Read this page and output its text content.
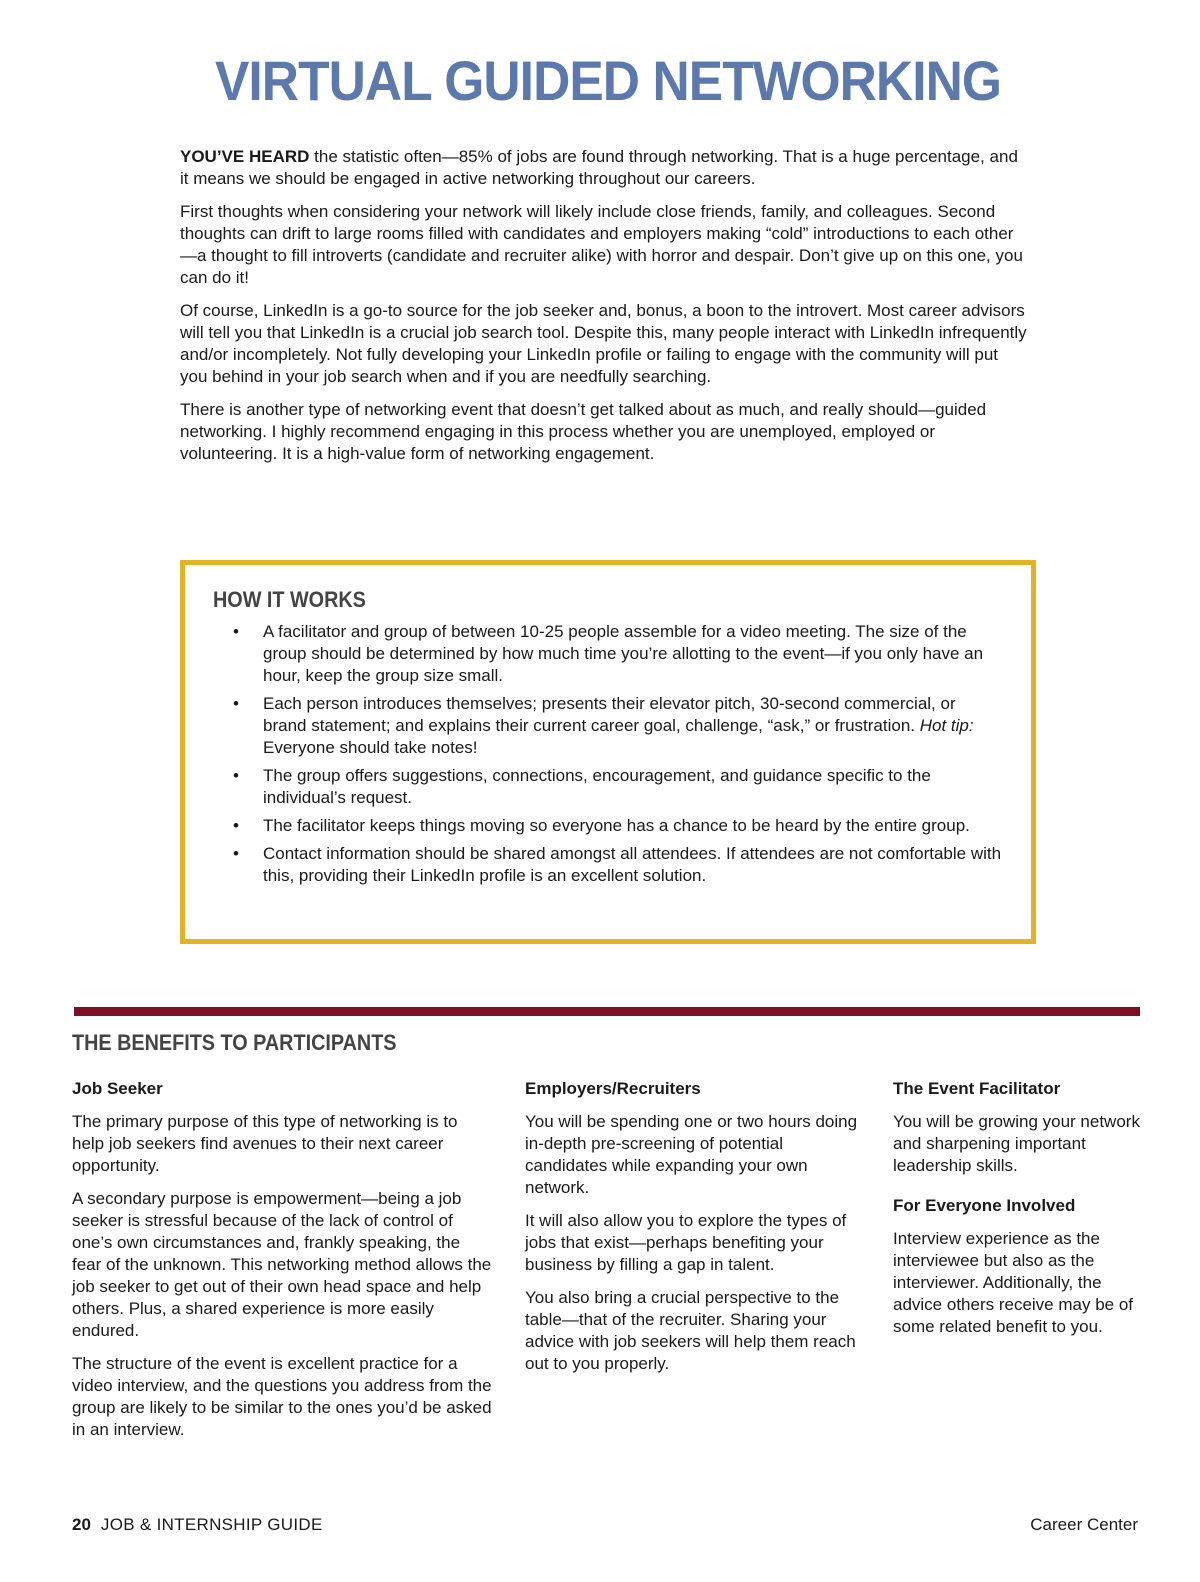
VIRTUAL GUIDED NETWORKING

YOU’VE HEARD the statistic often—85% of jobs are found through networking. That is a huge percentage, and it means we should be engaged in active networking throughout our careers.

First thoughts when considering your network will likely include close friends, family, and colleagues. Second thoughts can drift to large rooms filled with candidates and employers making “cold” introductions to each other—a thought to fill introverts (candidate and recruiter alike) with horror and despair. Don’t give up on this one, you can do it!

Of course, LinkedIn is a go-to source for the job seeker and, bonus, a boon to the introvert. Most career advisors will tell you that LinkedIn is a crucial job search tool. Despite this, many people interact with LinkedIn infrequently and/or incompletely. Not fully developing your LinkedIn profile or failing to engage with the community will put you behind in your job search when and if you are needfully searching.

There is another type of networking event that doesn’t get talked about as much, and really should—guided networking. I highly recommend engaging in this process whether you are unemployed, employed or volunteering. It is a high-value form of networking engagement.

HOW IT WORKS
• A facilitator and group of between 10-25 people assemble for a video meeting. The size of the group should be determined by how much time you’re allotting to the event—if you only have an hour, keep the group size small.
• Each person introduces themselves; presents their elevator pitch, 30-second commercial, or brand statement; and explains their current career goal, challenge, “ask,” or frustration. Hot tip: Everyone should take notes!
• The group offers suggestions, connections, encouragement, and guidance specific to the individual’s request.
• The facilitator keeps things moving so everyone has a chance to be heard by the entire group.
• Contact information should be shared amongst all attendees. If attendees are not comfortable with this, providing their LinkedIn profile is an excellent solution.
THE BENEFITS TO PARTICIPANTS
Job Seeker

The primary purpose of this type of networking is to help job seekers find avenues to their next career opportunity.

A secondary purpose is empowerment—being a job seeker is stressful because of the lack of control of one’s own circumstances and, frankly speaking, the fear of the unknown. This networking method allows the job seeker to get out of their own head space and help others. Plus, a shared experience is more easily endured.

The structure of the event is excellent practice for a video interview, and the questions you address from the group are likely to be similar to the ones you’d be asked in an interview.

Employers/Recruiters

You will be spending one or two hours doing in-depth pre-screening of potential candidates while expanding your own network.

It will also allow you to explore the types of jobs that exist—perhaps benefiting your business by filling a gap in talent.

You also bring a crucial perspective to the table—that of the recruiter. Sharing your advice with job seekers will help them reach out to you properly.

The Event Facilitator

You will be growing your network and sharpening important leadership skills.

For Everyone Involved

Interview experience as the interviewee but also as the interviewer. Additionally, the advice others receive may be of some related benefit to you.

20 JOB & INTERNSHIP GUIDE	Career Center
